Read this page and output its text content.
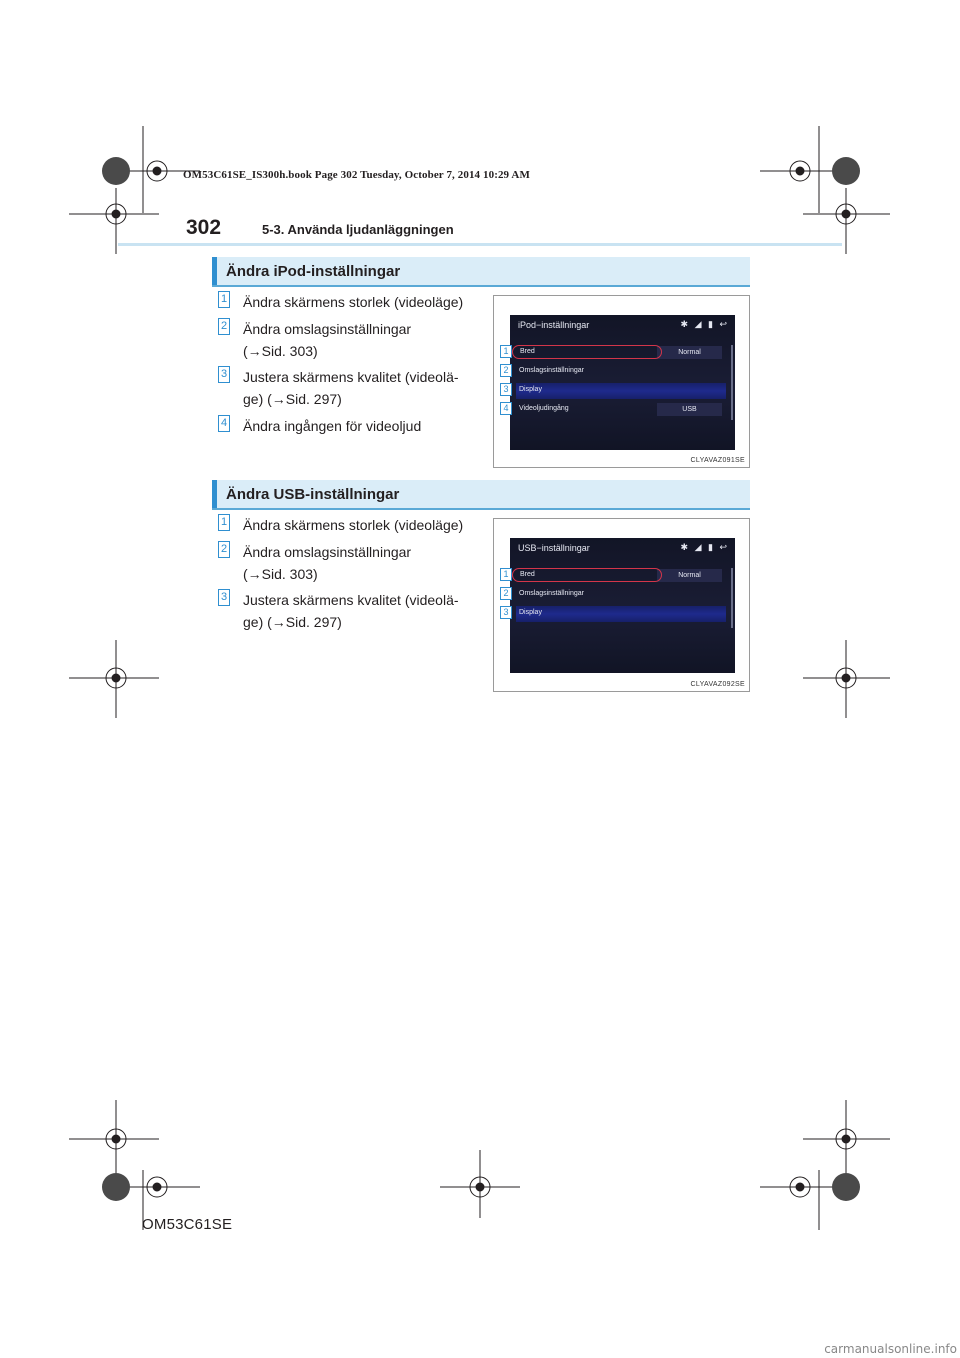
OM53C61SE_IS300h.book Page 302 Tuesday, October 7, 2014 10:29 AM
302	5-3. Använda ljudanläggningen
Ändra iPod-inställningar
1	Ändra skärmens storlek (videoläge)
2	Ändra omslagsinställningar
(→Sid. 303)
3	Justera skärmens kvalitet (videolä-
ge) (→Sid. 297)
4	Ändra ingången för videoljud
iPod−inställningar	✱ ◢ ▮ ↩
Bred	Normal
Omslagsinställningar
Display
Videoljudingång	USB
1
2
3
4
CLYAVAZ091SE
Ändra USB-inställningar
1	Ändra skärmens storlek (videoläge)
2	Ändra omslagsinställningar
(→Sid. 303)
3	Justera skärmens kvalitet (videolä-
ge) (→Sid. 297)
USB−inställningar	✱ ◢ ▮ ↩
Bred	Normal
Omslagsinställningar
Display
1
2
3
CLYAVAZ092SE
OM53C61SE
carmanualsonline.info
